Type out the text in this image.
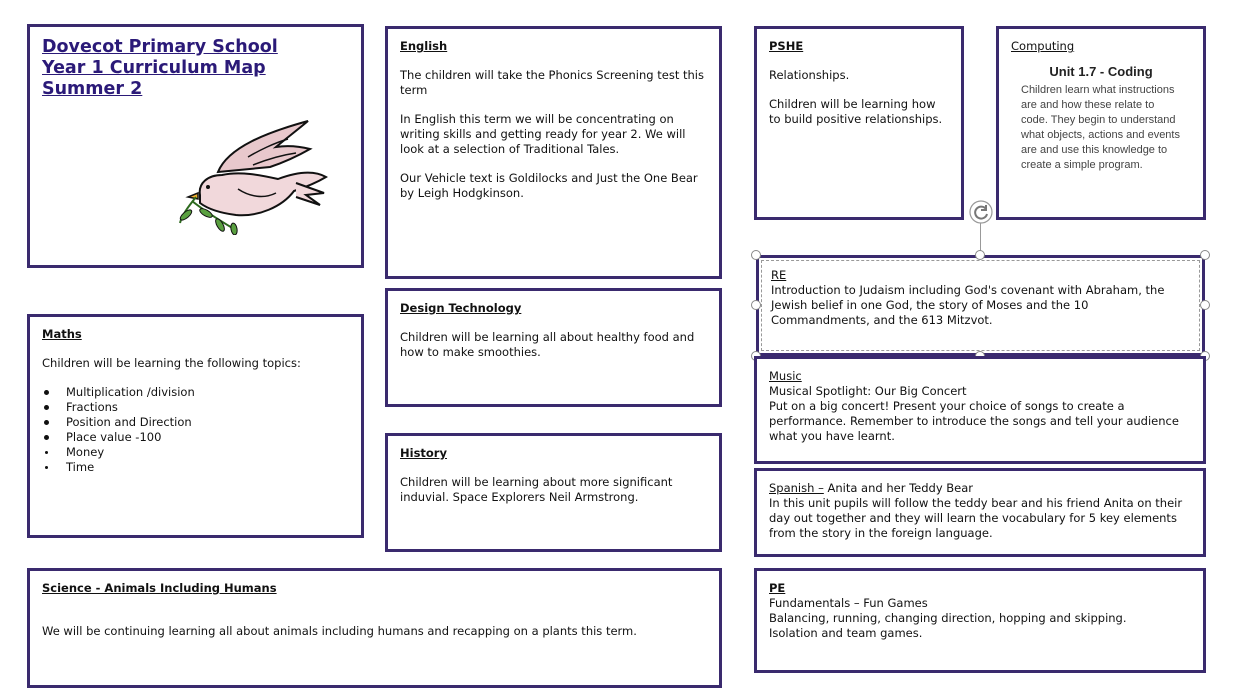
Dovecot Primary School
Year 1 Curriculum Map
Summer 2
English

The children will take the Phonics Screening test this term

In English this term we will be concentrating on writing skills and getting ready for year 2. We will look at a selection of Traditional Tales.

Our Vehicle text is Goldilocks and Just the One Bear by Leigh Hodgkinson.

PSHE

Relationships.

Children will be learning how to build positive relationships.

Computing
Unit 1.7 - Coding
Children learn what instructions are and how these relate to code. They begin to understand what objects, actions and events are and use this knowledge to create a simple program.
RE

Introduction to Judaism including God's covenant with Abraham, the Jewish belief in one God, the story of Moses and the 10 Commandments, and the 613 Mitzvot.

Music

Musical Spotlight: Our Big Concert

Put on a big concert! Present your choice of songs to create a performance. Remember to introduce the songs and tell your audience what you have learnt.

Spanish – Anita and her Teddy Bear

In this unit pupils will follow the teddy bear and his friend Anita on their day out together and they will learn the vocabulary for 5 key elements from the story in the foreign language.

PE

Fundamentals – Fun Games

Balancing, running, changing direction, hopping and skipping.

Isolation and team games.

Maths

Children will be learning the following topics:

Multiplication /division
Fractions
Position and Direction
Place value -100
Money
Time
Design Technology

Children will be learning all about healthy food and how to make smoothies.

History

Children will be learning about more significant induvial. Space Explorers Neil Armstrong.

Science - Animals Including Humans

We will be continuing learning all about animals including humans and recapping on a plants this term.
